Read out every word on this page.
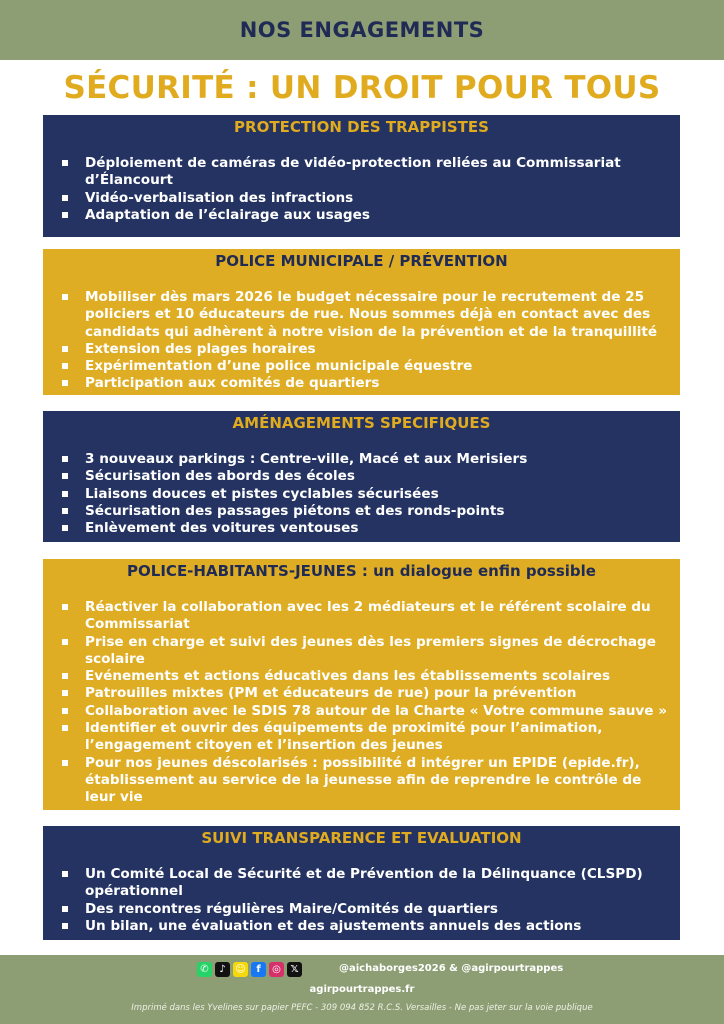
NOS ENGAGEMENTS
SÉCURITÉ : UN DROIT POUR TOUS
PROTECTION DES TRAPPISTES
Déploiement de caméras de vidéo-protection reliées au Commissariat d’Élancourt
Vidéo-verbalisation des infractions
Adaptation de l’éclairage aux usages
POLICE MUNICIPALE / PRÉVENTION
Mobiliser dès mars 2026 le budget nécessaire pour le recrutement de 25 policiers et 10 éducateurs de rue. Nous sommes déjà en contact avec des candidats qui adhèrent à notre vision de la prévention et de la tranquillité
Extension des plages horaires
Expérimentation d’une police municipale équestre
Participation aux comités de quartiers
AMÉNAGEMENTS SPECIFIQUES
3 nouveaux parkings : Centre-ville, Macé et aux Merisiers
Sécurisation des abords des écoles
Liaisons douces et pistes cyclables sécurisées
Sécurisation des passages piétons et des ronds-points
Enlèvement des voitures ventouses
POLICE-HABITANTS-JEUNES : un dialogue enfin possible
Réactiver la collaboration avec les 2 médiateurs et le référent scolaire du Commissariat
Prise en charge et suivi des jeunes dès les premiers signes de décrochage scolaire
Evénements et actions éducatives dans les établissements scolaires
Patrouilles mixtes (PM et éducateurs de rue) pour la prévention
Collaboration avec le SDIS 78 autour de la Charte « Votre commune sauve »
Identifier et ouvrir des équipements de proximité pour l’animation, l’engagement citoyen et l’insertion des jeunes
Pour nos jeunes déscolarisés : possibilité d intégrer un EPIDE (epide.fr), établissement au service de la jeunesse afin de reprendre le contrôle de leur vie
SUIVI TRANSPARENCE ET EVALUATION
Un Comité Local de Sécurité et de Prévention de la Délinquance (CLSPD) opérationnel
Des rencontres régulières Maire/Comités de quartiers
Un bilan, une évaluation et des ajustements annuels des actions
✆	♪ ☺	f	◎ 𝕏	@aichaborges2026 & @agirpourtrappes
agirpourtrappes.fr
Imprimé dans les Yvelines sur papier PEFC - 309 094 852 R.C.S. Versailles - Ne pas jeter sur la voie publique
